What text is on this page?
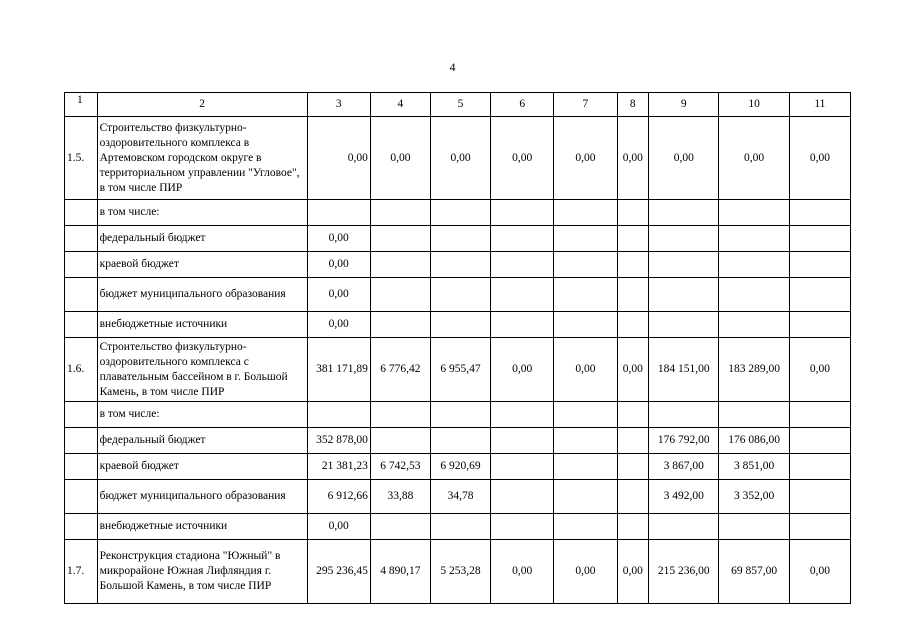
4
1	2	3	4	5	6	7	8	9	10	11
1.5.	Строительство физкультурно-оздоровительного комплекса в Артемовском городском округе в территориальном управлении "Угловое", в том числе ПИР	0,00	0,00	0,00	0,00	0,00	0,00	0,00	0,00	0,00
	в том числе:									
	федеральный бюджет	0,00								
	краевой бюджет	0,00								
	бюджет муниципального образования	0,00								
	внебюджетные источники	0,00								
1.6.	Строительство физкультурно-оздоровительного комплекса с плавательным бассейном в г. Большой Камень, в том числе ПИР	381 171,89	6 776,42	6 955,47	0,00	0,00	0,00	184 151,00	183 289,00	0,00
	в том числе:									
	федеральный бюджет	352 878,00						176 792,00	176 086,00	
	краевой бюджет	21 381,23	6 742,53	6 920,69				3 867,00	3 851,00	
	бюджет муниципального образования	6 912,66	33,88	34,78				3 492,00	3 352,00	
	внебюджетные источники	0,00								
1.7.	Реконструкция стадиона "Южный" в микрорайоне Южная Лифляндия г. Большой Камень, в том числе ПИР	295 236,45	4 890,17	5 253,28	0,00	0,00	0,00	215 236,00	69 857,00	0,00
